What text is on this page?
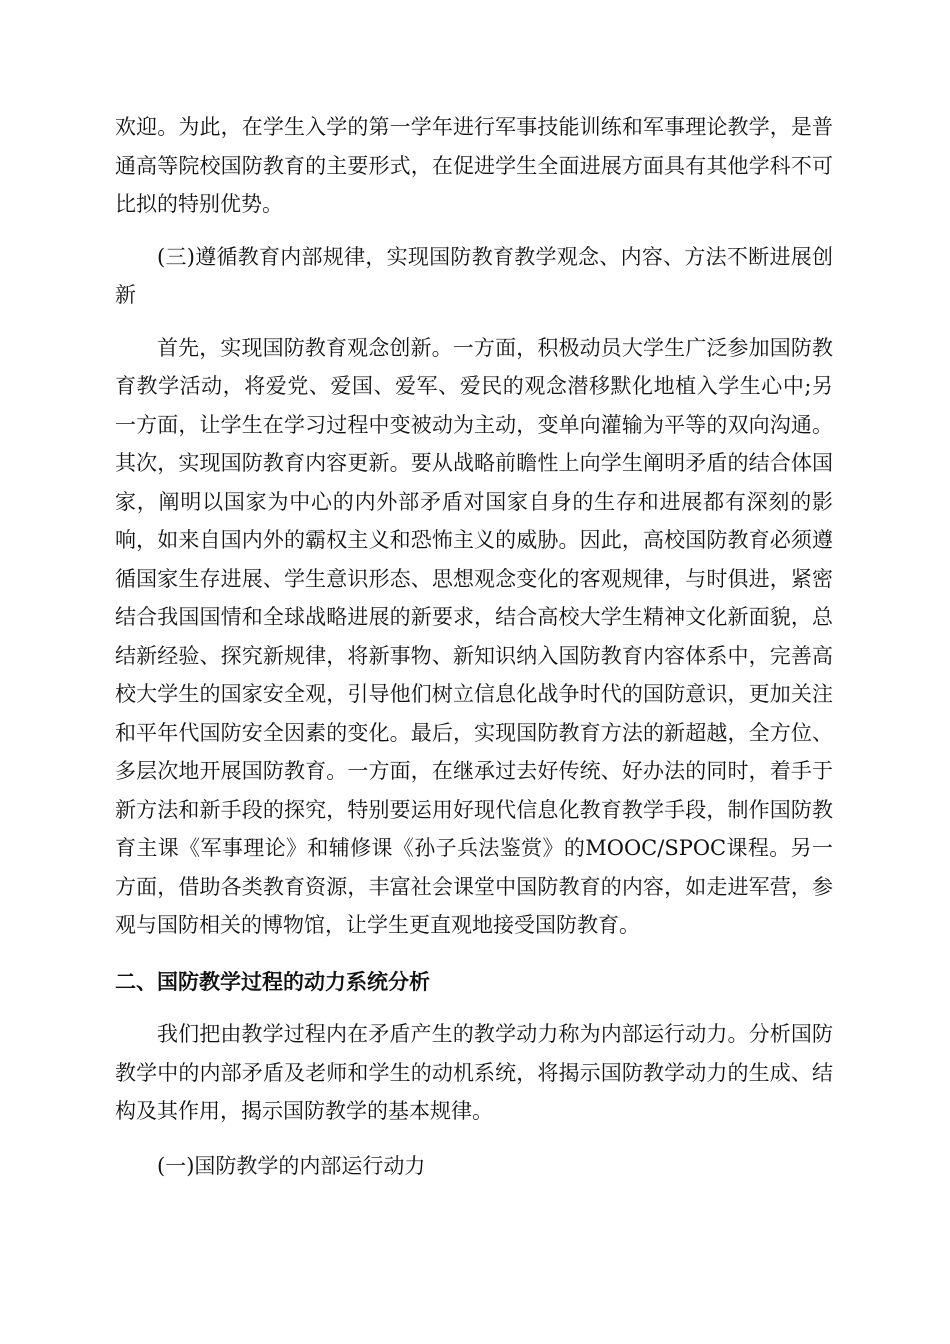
欢迎。为此，在学生入学的第一学年进行军事技能训练和军事理论教学，是普通高等院校国防教育的主要形式，在促进学生全面进展方面具有其他学科不可比拟的特别优势。

(三)遵循教育内部规律，实现国防教育教学观念、内容、方法不断进展创新

首先，实现国防教育观念创新。一方面，积极动员大学生广泛参加国防教育教学活动，将爱党、爱国、爱军、爱民的观念潜移默化地植入学生心中;另一方面，让学生在学习过程中变被动为主动，变单向灌输为平等的双向沟通。其次，实现国防教育内容更新。要从战略前瞻性上向学生阐明矛盾的结合体国家，阐明以国家为中心的内外部矛盾对国家自身的生存和进展都有深刻的影响，如来自国内外的霸权主义和恐怖主义的威胁。因此，高校国防教育必须遵循国家生存进展、学生意识形态、思想观念变化的客观规律，与时俱进，紧密结合我国国情和全球战略进展的新要求，结合高校大学生精神文化新面貌，总结新经验、探究新规律，将新事物、新知识纳入国防教育内容体系中，完善高校大学生的国家安全观，引导他们树立信息化战争时代的国防意识，更加关注和平年代国防安全因素的变化。最后，实现国防教育方法的新超越，全方位、多层次地开展国防教育。一方面，在继承过去好传统、好办法的同时，着手于新方法和新手段的探究，特别要运用好现代信息化教育教学手段，制作国防教育主课《军事理论》和辅修课《孙子兵法鉴赏》的MOOC/SPOC课程。另一方面，借助各类教育资源，丰富社会课堂中国防教育的内容，如走进军营，参观与国防相关的博物馆，让学生更直观地接受国防教育。

二、国防教学过程的动力系统分析

我们把由教学过程内在矛盾产生的教学动力称为内部运行动力。分析国防教学中的内部矛盾及老师和学生的动机系统，将揭示国防教学动力的生成、结构及其作用，揭示国防教学的基本规律。

(一)国防教学的内部运行动力
